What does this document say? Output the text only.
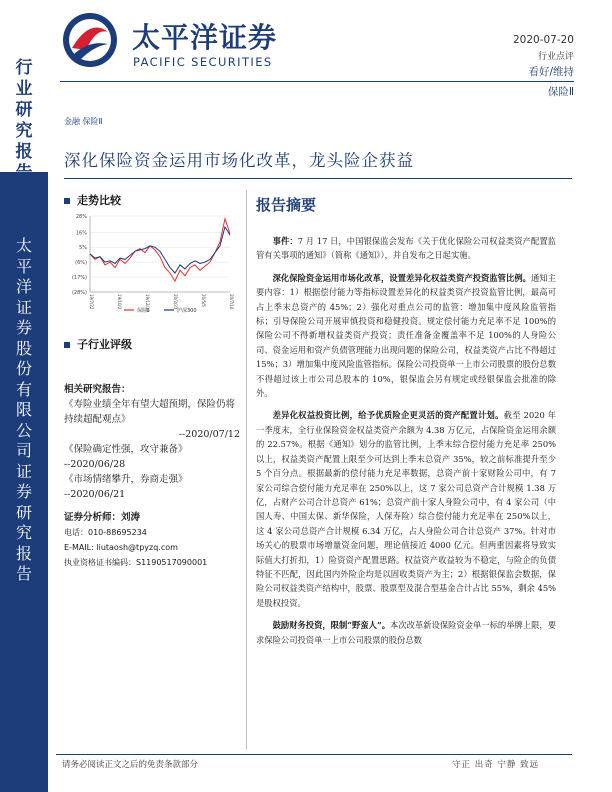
行
业
研
究
报
告
太
平
洋
证
券
股
份
有
限
公
司
证
券
研
究
报
告
太平洋证券
PACIFIC SECURITIES
2020-07-20
行业点评
看好/维持
保险Ⅱ
金融 保险Ⅱ
深化保险资金运用市场化改革，龙头险企获益
走势比较
28%
16%
5%
(6%)
(17%)
(28%)
19/7/22	19/10/2	19/12/13	20/2/23	20/5/5	20/7/16
保险Ⅱ	沪深300
子行业评级
相关研究报告：
《寿险业绩全年有望大超预期，保险仍将持续超配观点》
--2020/07/12
《保险确定性强，攻守兼备》
--2020/06/28
《市场情绪攀升，券商走强》
--2020/06/21
证券分析师：刘涛
电话：010-88695234
E-MAIL: liutaosh@tpyzq.com
执业资格证书编码：S1190517090001
报告摘要

事件：7 月 17 日，中国银保监会发布《关于优化保险公司权益类资产配置监管有关事项的通知》（简称《通知》），并自发布之日起实施。

深化保险资金运用市场化改革，设置差异化权益类资产投资监管比例。通知主要内容：1）根据偿付能力等指标设置差异化的权益类资产投资监管比例，最高可占上季末总资产的 45%；2）强化对重点公司的监管：增加集中度风险监管指标；引导保险公司开展审慎投资和稳健投资。规定偿付能力充足率不足 100%的保险公司不得新增权益类资产投资；责任准备金覆盖率不足 100%的人身险公司、资金运用和资产负债管理能力出现问题的保险公司，权益类资产占比不得超过 15%；3）增加集中度风险监管指标。保险公司投资单一上市公司股票的股份总数不得超过该上市公司总股本的 10%，银保监会另有规定或经银保监会批准的除外。

差异化权益投资比例，给予优质险企更灵活的资产配置计划。截至 2020 年一季度末，全行业保险资金权益类资产余额为 4.38 万亿元，占保险资金运用余额的 22.57%。根据《通知》划分的监管比例，上季末综合偿付能力充足率 250%以上，权益类资产配置上限至少可达到上季末总资产 35%，较之前标准提升至少 5 个百分点。根据最新的偿付能力充足率数据，总资产前十家财险公司中，有 7 家公司综合偿付能力充足率在 250%以上，这 7 家公司总资产合计规模 1.38 万亿，占财产公司合计总资产 61%；总资产前十家人身险公司中，有 4 家公司（中国人寿、中国太保、新华保险，人保寿险）综合偿付能力充足率在 250%以上，这 4 家公司总资产合计规模 6.34 万亿，占人身险公司合计总资产 37%。针对市场关心的股票市场增量资金问题，理论值接近 4000 亿元。但两重因素将导致实际值大打折扣，1）险资资产配置思路。权益资产收益较为不稳定，与险企的负债特征不匹配，因此国内外险企均是以固收类资产为主；2）根据银保监会数据，保险公司权益类资产结构中，股票、股票型及混合型基金合计占比 55%，剩余 45%是股权投资。

鼓励财务投资，限制“野蛮人”。本次改革新设保险资金单一标的举牌上限，要求保险公司投资单一上市公司股票的股份总数

请务必阅读正文之后的免责条款部分	守正 出奇 宁静 致远
